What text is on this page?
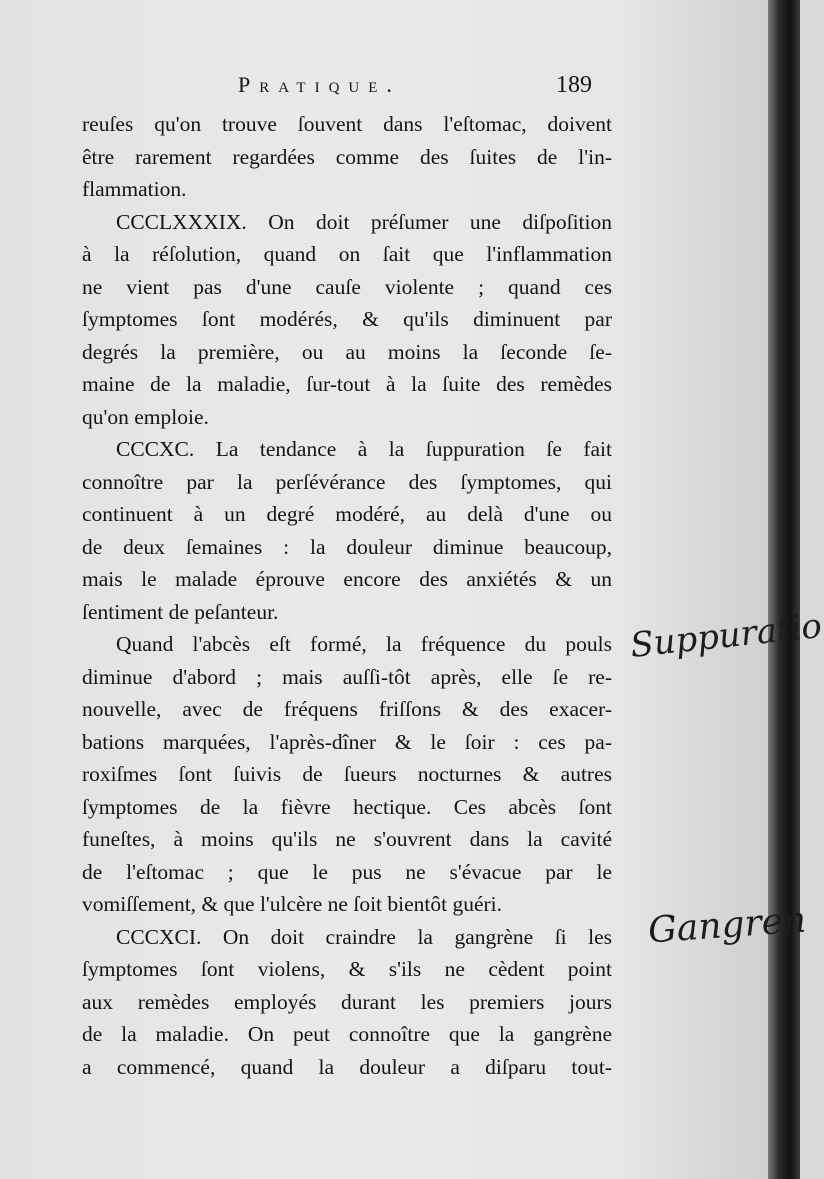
Pratique.	189
reuſes qu'on trouve ſouvent dans l'eſtomac, doivent
être rarement regardées comme des ſuites de l'in-
flammation.
CCCLXXXIX. On doit préſumer une diſpoſition
à la réſolution, quand on ſait que l'inflammation
ne vient pas d'une cauſe violente ; quand ces
ſymptomes ſont modérés, & qu'ils diminuent par
degrés la première, ou au moins la ſeconde ſe-
maine de la maladie, ſur-tout à la ſuite des remèdes
qu'on emploie.
CCCXC. La tendance à la ſuppuration ſe fait
connoître par la perſévérance des ſymptomes, qui
continuent à un degré modéré, au delà d'une ou
de deux ſemaines : la douleur diminue beaucoup,
mais le malade éprouve encore des anxiétés & un
ſentiment de peſanteur.
Quand l'abcès eſt formé, la fréquence du pouls
diminue d'abord ; mais auſſi-tôt après, elle ſe re-
nouvelle, avec de fréquens friſſons & des exacer-
bations marquées, l'après-dîner & le ſoir : ces pa-
roxiſmes ſont ſuivis de ſueurs nocturnes & autres
ſymptomes de la fièvre hectique. Ces abcès ſont
funeſtes, à moins qu'ils ne s'ouvrent dans la cavité
de l'eſtomac ; que le pus ne s'évacue par le
vomiſſement, & que l'ulcère ne ſoit bientôt guéri.
CCCXCI. On doit craindre la gangrène ſi les
ſymptomes ſont violens, & s'ils ne cèdent point
aux remèdes employés durant les premiers jours
de la maladie. On peut connoître que la gangrène
a commencé, quand la douleur a diſparu tout-
Suppuratio
Gangren
